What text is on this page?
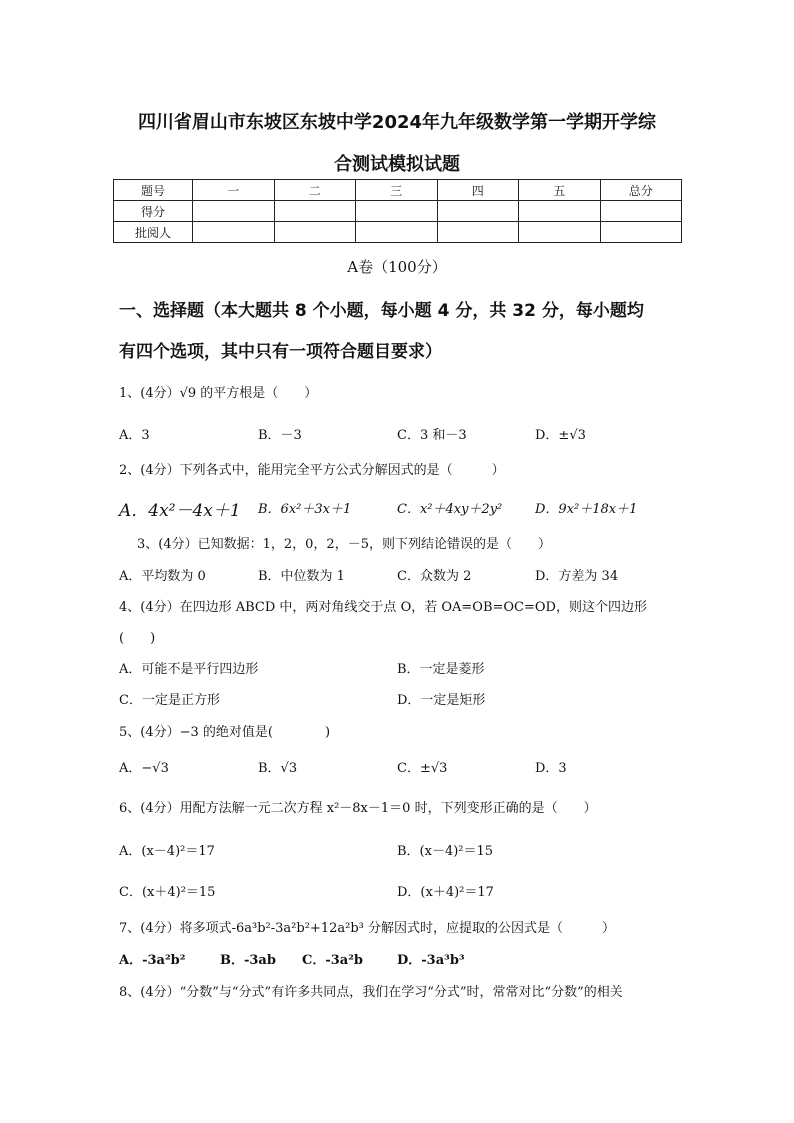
四川省眉山市东坡区东坡中学2024年九年级数学第一学期开学综
合测试模拟试题
题号	一	二	三	四	五	总分
得分						
批阅人						
A卷（100分）
一、选择题（本大题共 8 个小题，每小题 4 分，共 32 分，每小题均
有四个选项，其中只有一项符合题目要求）
1、(4分）√9 的平方根是（　　）
A．3	B．－3	C．3 和－3	D．±√3
2、(4分）下列各式中，能用完全平方公式分解因式的是（　　　）
A．4x²－4x＋1 B．6x²＋3x＋1	C．x²＋4xy＋2y²	D．9x²＋18x＋1
3、(4分）已知数据：1，2，0，2，－5，则下列结论错误的是（　　）
A．平均数为 0	B．中位数为 1	C．众数为 2	D．方差为 34
4、(4分）在四边形 ABCD 中，两对角线交于点 O，若 OA=OB=OC=OD，则这个四边形
(　　)
A．可能不是平行四边形	B．一定是菱形
C．一定是正方形	D．一定是矩形
5、(4分）−3 的绝对值是(　　　　)
A．−√3	B．√3	C．±√3	D．3
6、(4分）用配方法解一元二次方程 x²－8x－1＝0 时，下列变形正确的是（　　）
A．(x－4)²＝17	B．(x－4)²＝15
C．(x＋4)²＝15	D．(x＋4)²＝17
7、(4分）将多项式-6a³b²-3a²b²+12a²b³ 分解因式时，应提取的公因式是（　　　）
A．-3a²b²	B．-3ab C．-3a²b	D．-3a³b³
8、(4分）“分数”与“分式”有许多共同点，我们在学习“分式”时，常常对比“分数”的相关
